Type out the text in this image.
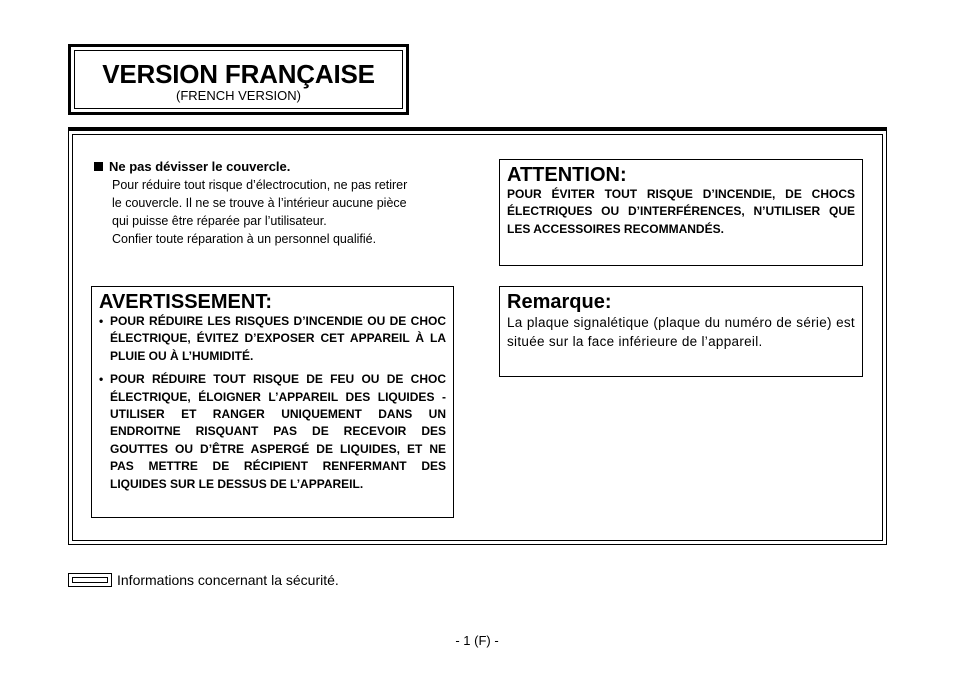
VERSION FRANÇAISE
(FRENCH VERSION)
Ne pas dévisser le couvercle.
Pour réduire tout risque d’électrocution, ne pas retirer
le couvercle. Il ne se trouve à l’intérieur aucune pièce
qui puisse être réparée par l’utilisateur.
Confier toute réparation à un personnel qualifié.
ATTENTION:
POUR ÉVITER TOUT RISQUE D’INCENDIE, DE CHOCS ÉLECTRIQUES OU D’INTERFÉRENCES, N’UTILISER QUE LES ACCESSOIRES RECOMMANDÉS.
AVERTISSEMENT:
• POUR RÉDUIRE LES RISQUES D’INCENDIE OU DE CHOC ÉLECTRIQUE, ÉVITEZ D’EXPOSER CET APPAREIL À LA PLUIE OU À L’HUMIDITÉ.
• POUR RÉDUIRE TOUT RISQUE DE FEU OU DE CHOC ÉLECTRIQUE, ÉLOIGNER L’APPAREIL DES LIQUIDES - UTILISER ET RANGER UNIQUEMENT DANS UN ENDROITNE RISQUANT PAS DE RECEVOIR DES GOUTTES OU D’ÊTRE ASPERGÉ DE LIQUIDES, ET NE PAS METTRE DE RÉCIPIENT RENFERMANT DES LIQUIDES SUR LE DESSUS DE L’APPAREIL.
Remarque:
La plaque signalétique (plaque du numéro de série) est située sur la face inférieure de l’appareil.
Informations concernant la sécurité.
- 1 (F) -
